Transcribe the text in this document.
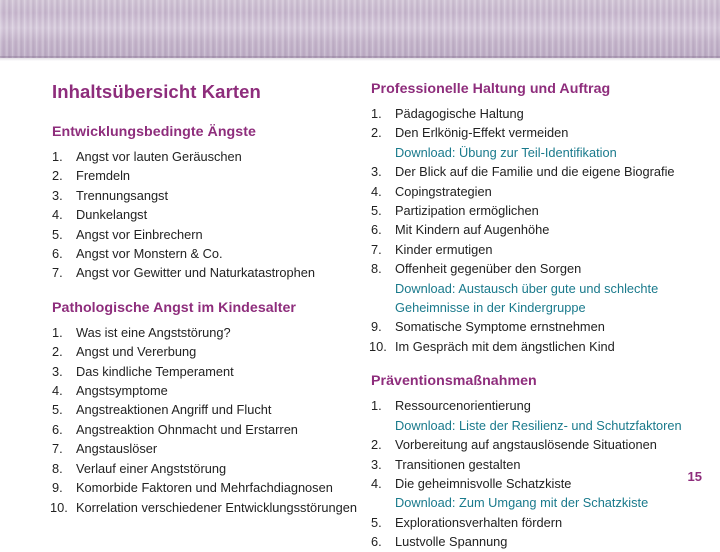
Inhaltsübersicht Karten
Entwicklungsbedingte Ängste
1.	Angst vor lauten Geräuschen
2.	Fremdeln
3.	Trennungsangst
4.	Dunkelangst
5.	Angst vor Einbrechern
6.	Angst vor Monstern & Co.
7.	Angst vor Gewitter und Naturkatastrophen
Pathologische Angst im Kindesalter
1.	Was ist eine Angststörung?
2.	Angst und Vererbung
3.	Das kindliche Temperament
4.	Angstsymptome
5.	Angstreaktionen Angriff und Flucht
6.	Angstreaktion Ohnmacht und Erstarren
7.	Angstauslöser
8.	Verlauf einer Angststörung
9.	Komorbide Faktoren und Mehrfachdiagnosen
10. Korrelation verschiedener Entwicklungsstörungen
Professionelle Haltung und Auftrag
1.	Pädagogische Haltung
2.	Den Erlkönig-Effekt vermeiden
Download: Übung zur Teil-Identifikation
3.	Der Blick auf die Familie und die eigene Biografie
4.	Copingstrategien
5.	Partizipation ermöglichen
6.	Mit Kindern auf Augenhöhe
7.	Kinder ermutigen
8.	Offenheit gegenüber den Sorgen
Download: Austausch über gute und schlechte Geheimnisse in der Kindergruppe
9.	Somatische Symptome ernstnehmen
10. Im Gespräch mit dem ängstlichen Kind
Präventionsmaßnahmen
1.	Ressourcenorientierung
Download: Liste der Resilienz- und Schutzfaktoren
2.	Vorbereitung auf angstauslösende Situationen
3.	Transitionen gestalten
4.	Die geheimnisvolle Schatzkiste
Download: Zum Umgang mit der Schatzkiste
5.	Explorationsverhalten fördern
6.	Lustvolle Spannung
15
